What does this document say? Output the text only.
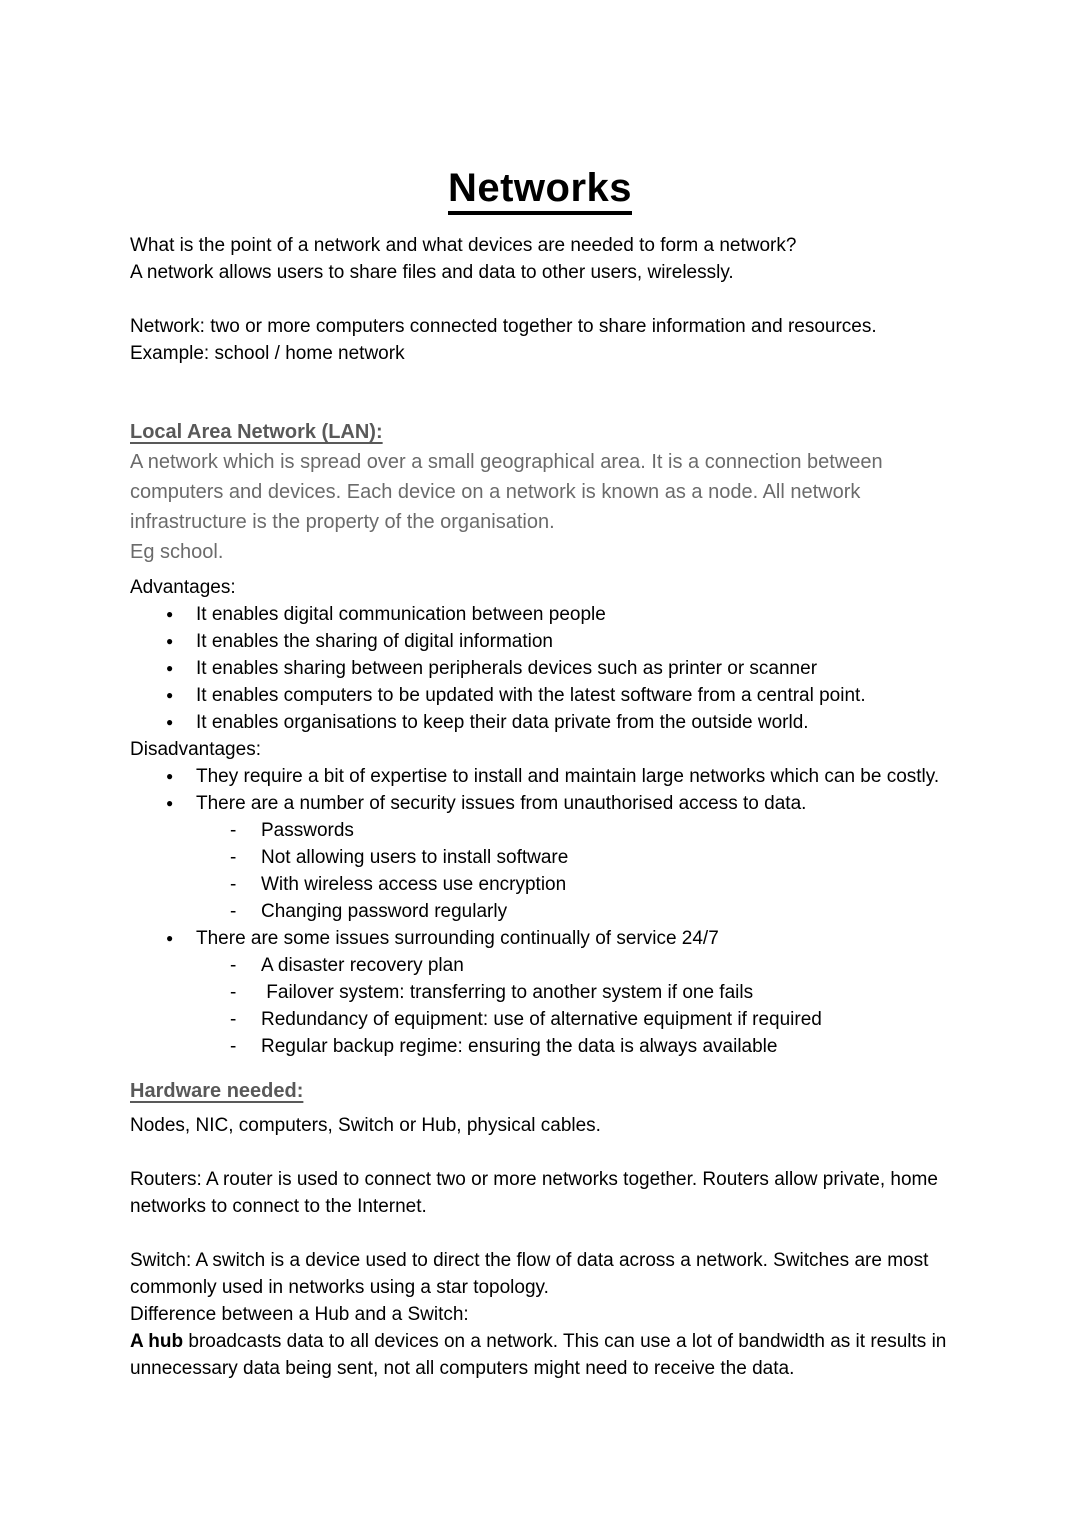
Networks

What is the point of a network and what devices are needed to form a network?

A network allows users to share files and data to other users, wirelessly.

Network: two or more computers connected together to share information and resources.

Example: school / home network

Local Area Network (LAN):

A network which is spread over a small geographical area. It is a connection between computers and devices. Each device on a network is known as a node. All network infrastructure is the property of the organisation.

Eg school.

Advantages:

●	It enables digital communication between people
●	It enables the sharing of digital information
●	It enables sharing between peripherals devices such as printer or scanner
●	It enables computers to be updated with the latest software from a central point.
●	It enables organisations to keep their data private from the outside world.

Disadvantages:

●	They require a bit of expertise to install and maintain large networks which can be costly.
●	There are a number of security issues from unauthorised access to data.
-	Passwords
-	Not allowing users to install software
-	With wireless access use encryption
-	Changing password regularly
●	There are some issues surrounding continually of service 24/7
-	A disaster recovery plan
-	Failover system: transferring to another system if one fails
-	Redundancy of equipment: use of alternative equipment if required
-	Regular backup regime: ensuring the data is always available
Hardware needed:

Nodes, NIC, computers, Switch or Hub, physical cables.

Routers: A router is used to connect two or more networks together. Routers allow private, home networks to connect to the Internet.

Switch: A switch is a device used to direct the flow of data across a network. Switches are most commonly used in networks using a star topology.

Difference between a Hub and a Switch:

A hub broadcasts data to all devices on a network. This can use a lot of bandwidth as it results in unnecessary data being sent, not all computers might need to receive the data.
